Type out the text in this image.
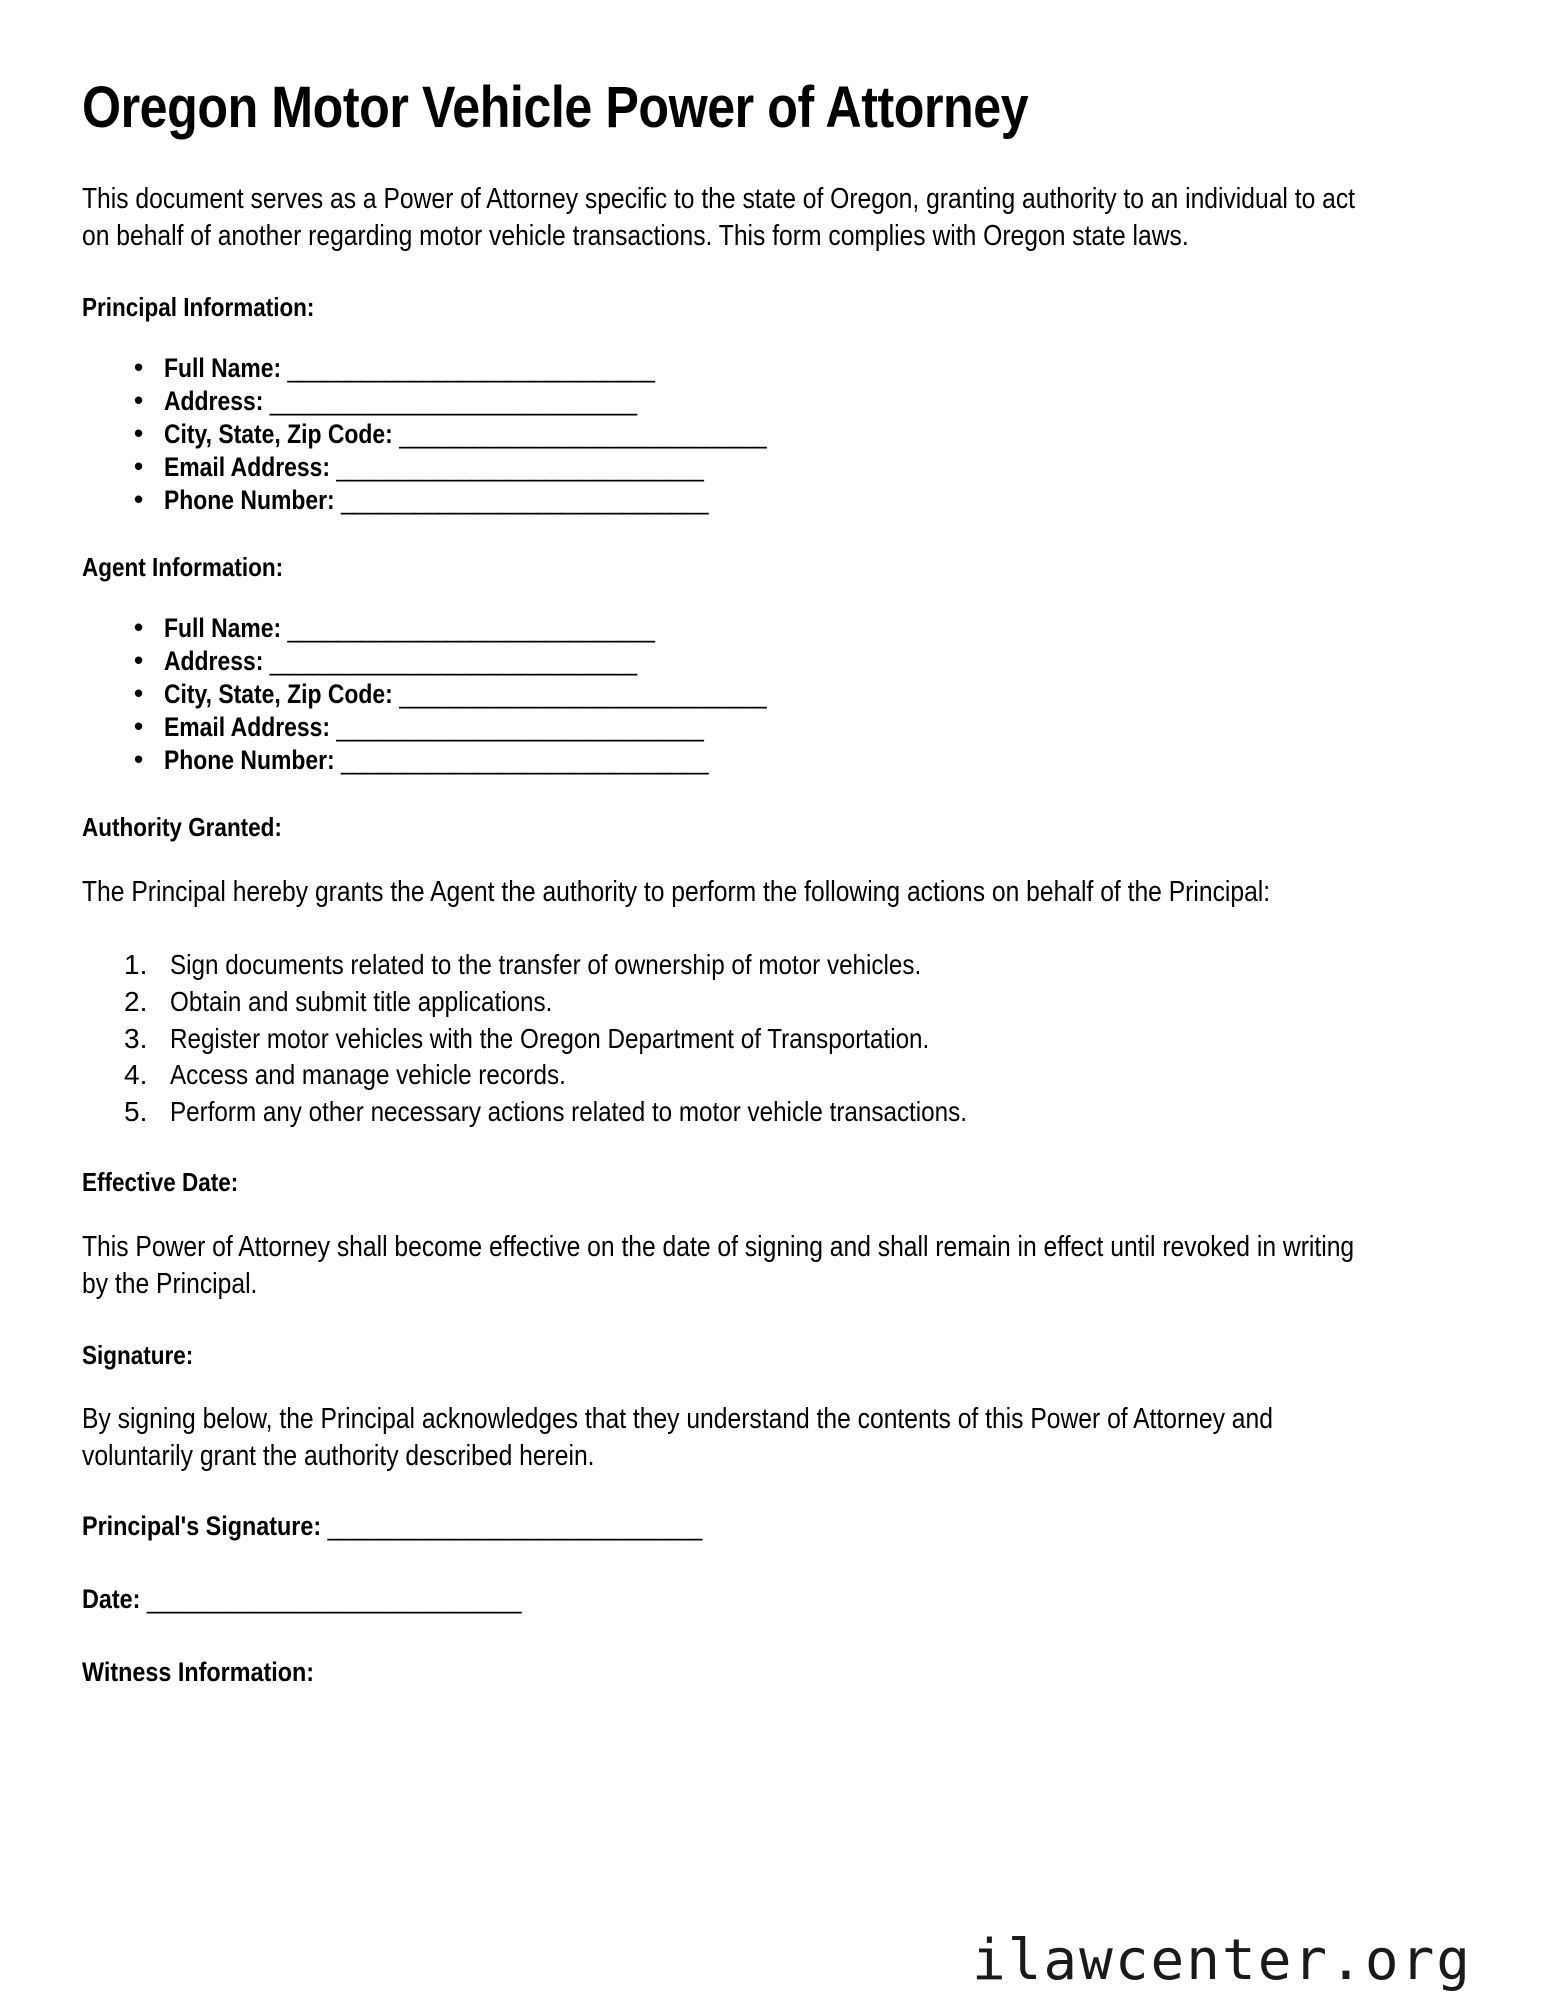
Oregon Motor Vehicle Power of Attorney

This document serves as a Power of Attorney specific to the state of Oregon, granting authority to an individual to act on behalf of another regarding motor vehicle transactions. This form complies with Oregon state laws.

Principal Information:
• Full Name: ______________________________
• Address: ______________________________
• City, State, Zip Code: ______________________________
• Email Address: ______________________________
• Phone Number: ______________________________
Agent Information:
• Full Name: ______________________________
• Address: ______________________________
• City, State, Zip Code: ______________________________
• Email Address: ______________________________
• Phone Number: ______________________________
Authority Granted:

The Principal hereby grants the Agent the authority to perform the following actions on behalf of the Principal:

Sign documents related to the transfer of ownership of motor vehicles.
Obtain and submit title applications.
Register motor vehicles with the Oregon Department of Transportation.
Access and manage vehicle records.
Perform any other necessary actions related to motor vehicle transactions.
Effective Date:

This Power of Attorney shall become effective on the date of signing and shall remain in effect until revoked in writing by the Principal.

Signature:

By signing below, the Principal acknowledges that they understand the contents of this Power of Attorney and voluntarily grant the authority described herein.

Principal's Signature: ______________________________
Date: ______________________________
Witness Information:
ilawcenter.org
